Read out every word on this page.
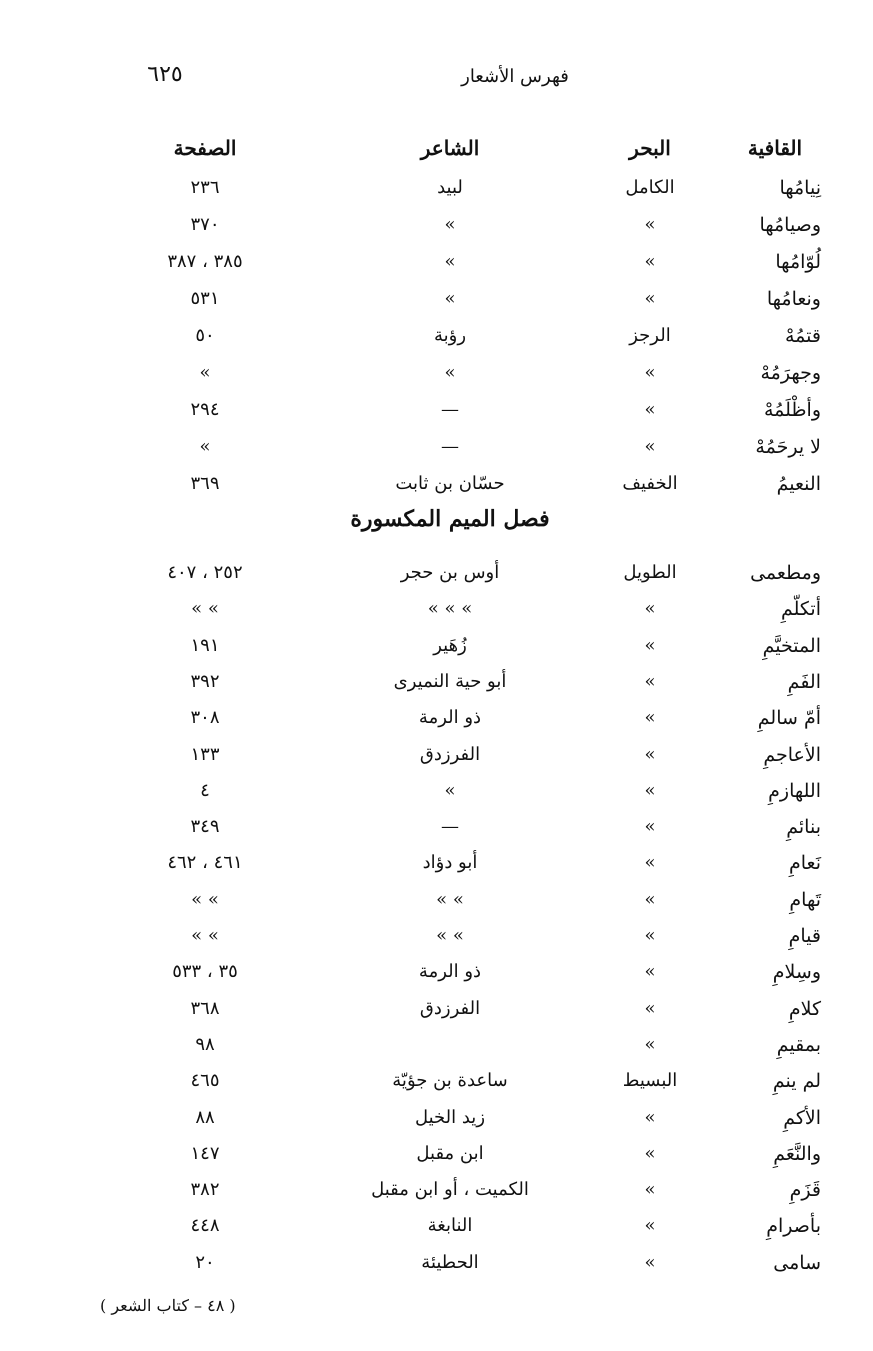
فهرس الأشعار
٦٢٥
القافية
البحر
الشاعر
الصفحة
نِيامُها
الكامل
لبيد
٢٣٦
وصيامُها
»
»
٣٧٠
لُوّامُها
»
»
٣٨٥ ، ٣٨٧
ونعامُها
»
»
٥٣١
قتمُهْ
الرجز
رؤبة
٥٠
وجهرَمُهْ
»
»
»
وأظْلَمُهْ
»
—
٢٩٤
لا يرحَمُهْ
»
—
»
النعيمُ
الخفيف
حسّان بن ثابت
٣٦٩
فصل الميم المكسورة
ومطعمى
الطويل
أوس بن حجر
٢٥٢ ، ٤٠٧
أتكلّمِ
»
» » »
» »
المتخيَّمِ
»
زُهَير
١٩١
الفَمِ
»
أبو حية النميرى
٣٩٢
أمّ سالمِ
»
ذو الرمة
٣٠٨
الأعاجمِ
»
الفرزدق
١٣٣
اللهازمِ
»
»
٤
بنائمِ
»
—
٣٤٩
نَعامِ
»
أبو دؤاد
٤٦١ ، ٤٦٢
تَهامِ
»
» »
» »
قيامِ
»
» »
» »
وسِلامِ
»
ذو الرمة
٣٥ ، ٥٣٣
كلامِ
»
الفرزدق
٣٦٨
بمقيمِ
»
٩٨
لم ينمِ
البسيط
ساعدة بن جؤيّة
٤٦٥
الأكمِ
»
زيد الخيل
٨٨
والنَّعَمِ
»
ابن مقبل
١٤٧
قَزَمِ
»
الكميت ، أو ابن مقبل
٣٨٢
بأصرامِ
»
النابغة
٤٤٨
سامى
»
الحطيئة
٢٠
( ٤٨ – كتاب الشعر )
